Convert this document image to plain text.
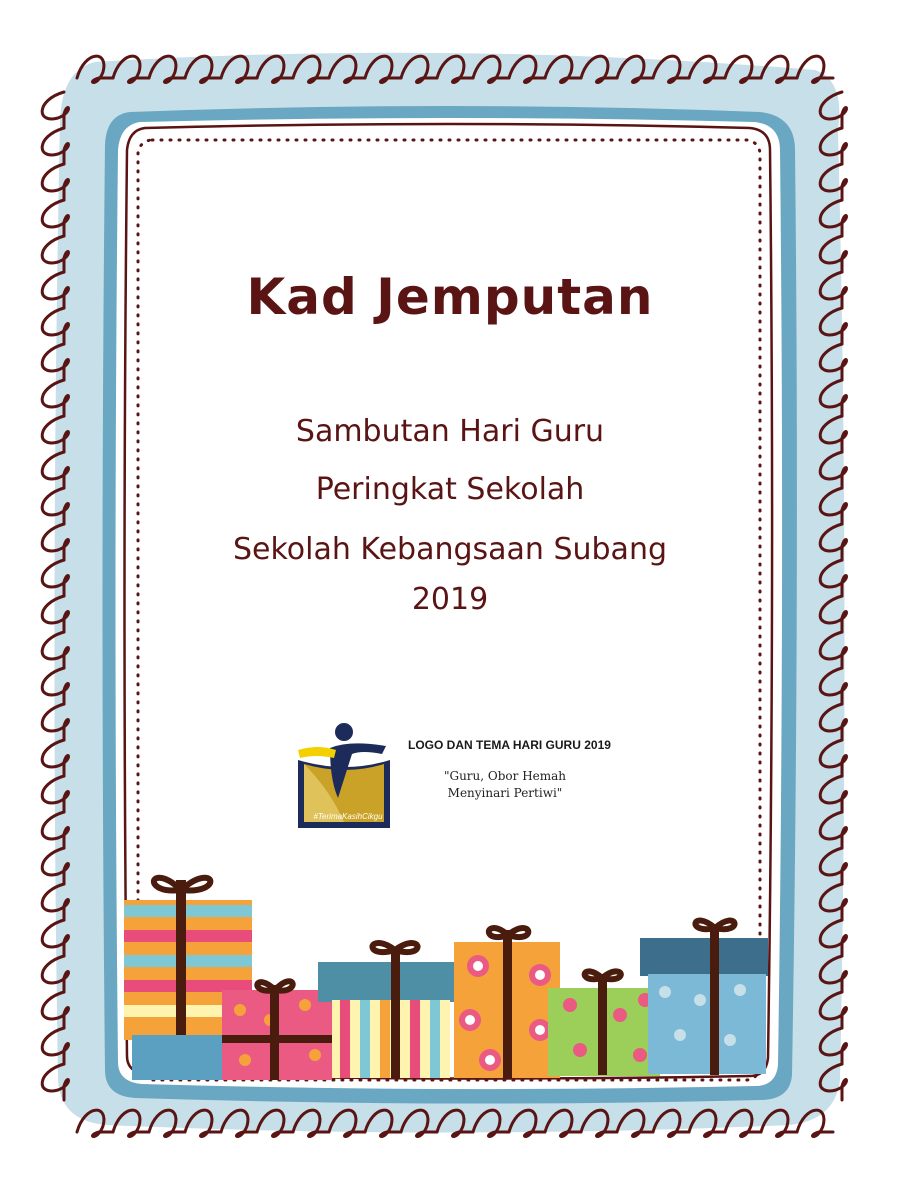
Kad Jemputan
Sambutan Hari Guru
Peringkat Sekolah
Sekolah Kebangsaan Subang
2019
#TerimaKasihCikgu
LOGO DAN TEMA HARI GURU 2019
"Guru, Obor Hemah
Menyinari Pertiwi"
